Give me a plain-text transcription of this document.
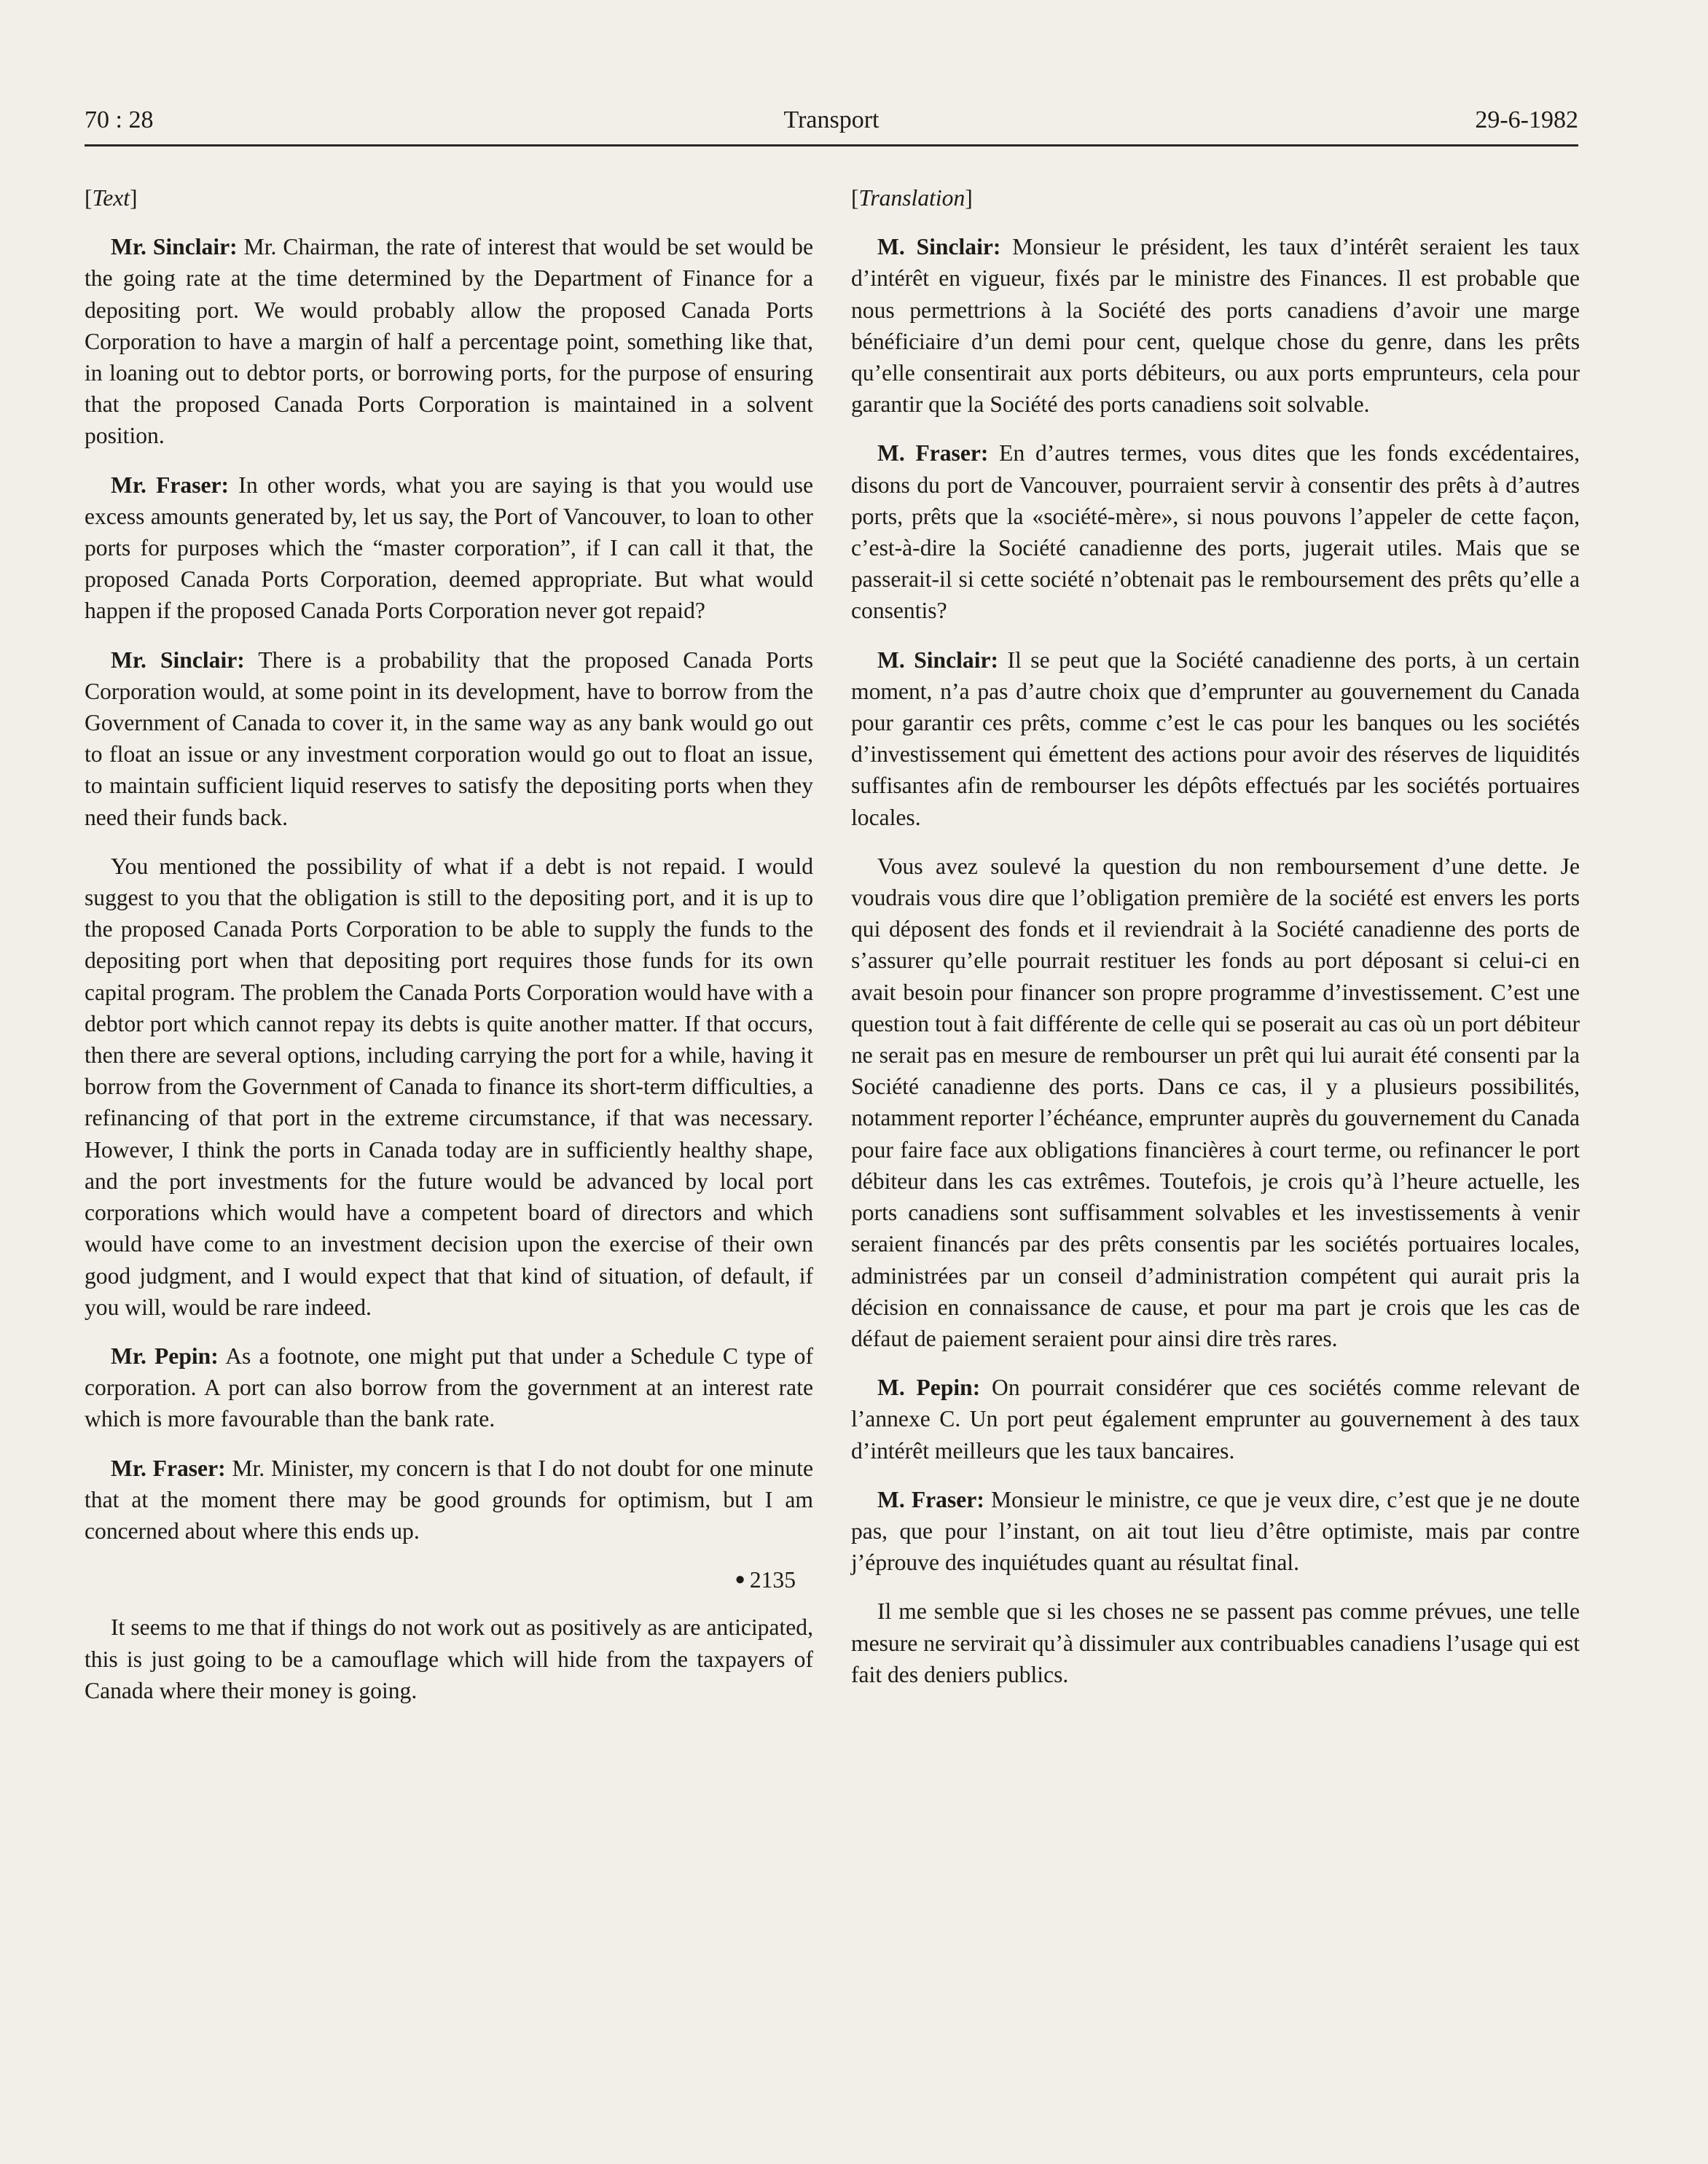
70 : 28	Transport	29-6-1982

[Text]

Mr. Sinclair: Mr. Chairman, the rate of interest that would be set would be the going rate at the time determined by the Department of Finance for a depositing port. We would probably allow the proposed Canada Ports Corporation to have a margin of half a percentage point, something like that, in loaning out to debtor ports, or borrowing ports, for the purpose of ensuring that the proposed Canada Ports Corporation is maintained in a solvent position.

Mr. Fraser: In other words, what you are saying is that you would use excess amounts generated by, let us say, the Port of Vancouver, to loan to other ports for purposes which the “master corporation”, if I can call it that, the proposed Canada Ports Corporation, deemed appropriate. But what would happen if the proposed Canada Ports Corporation never got repaid?

Mr. Sinclair: There is a probability that the proposed Canada Ports Corporation would, at some point in its development, have to borrow from the Government of Canada to cover it, in the same way as any bank would go out to float an issue or any investment corporation would go out to float an issue, to maintain sufficient liquid reserves to satisfy the depositing ports when they need their funds back.

You mentioned the possibility of what if a debt is not repaid. I would suggest to you that the obligation is still to the depositing port, and it is up to the proposed Canada Ports Corporation to be able to supply the funds to the depositing port when that depositing port requires those funds for its own capital program. The problem the Canada Ports Corporation would have with a debtor port which cannot repay its debts is quite another matter. If that occurs, then there are several options, including carrying the port for a while, having it borrow from the Government of Canada to finance its short-term difficulties, a refinancing of that port in the extreme circumstance, if that was necessary. However, I think the ports in Canada today are in sufficiently healthy shape, and the port investments for the future would be advanced by local port corporations which would have a competent board of directors and which would have come to an investment decision upon the exercise of their own good judgment, and I would expect that that kind of situation, of default, if you will, would be rare indeed.

Mr. Pepin: As a footnote, one might put that under a Schedule C type of corporation. A port can also borrow from the government at an interest rate which is more favourable than the bank rate.

Mr. Fraser: Mr. Minister, my concern is that I do not doubt for one minute that at the moment there may be good grounds for optimism, but I am concerned about where this ends up.

● 2135

It seems to me that if things do not work out as positively as are anticipated, this is just going to be a camouflage which will hide from the taxpayers of Canada where their money is going.

[Translation]

M. Sinclair: Monsieur le président, les taux d’intérêt seraient les taux d’intérêt en vigueur, fixés par le ministre des Finances. Il est probable que nous permettrions à la Société des ports canadiens d’avoir une marge bénéficiaire d’un demi pour cent, quelque chose du genre, dans les prêts qu’elle consentirait aux ports débiteurs, ou aux ports emprunteurs, cela pour garantir que la Société des ports canadiens soit solvable.

M. Fraser: En d’autres termes, vous dites que les fonds excédentaires, disons du port de Vancouver, pourraient servir à consentir des prêts à d’autres ports, prêts que la «société-mère», si nous pouvons l’appeler de cette façon, c’est-à-dire la Société canadienne des ports, jugerait utiles. Mais que se passerait-il si cette société n’obtenait pas le remboursement des prêts qu’elle a consentis?

M. Sinclair: Il se peut que la Société canadienne des ports, à un certain moment, n’a pas d’autre choix que d’emprunter au gouvernement du Canada pour garantir ces prêts, comme c’est le cas pour les banques ou les sociétés d’investissement qui émettent des actions pour avoir des réserves de liquidités suffisantes afin de rembourser les dépôts effectués par les sociétés portuaires locales.

Vous avez soulevé la question du non remboursement d’une dette. Je voudrais vous dire que l’obligation première de la société est envers les ports qui déposent des fonds et il reviendrait à la Société canadienne des ports de s’assurer qu’elle pourrait restituer les fonds au port déposant si celui-ci en avait besoin pour financer son propre programme d’investissement. C’est une question tout à fait différente de celle qui se poserait au cas où un port débiteur ne serait pas en mesure de rembourser un prêt qui lui aurait été consenti par la Société canadienne des ports. Dans ce cas, il y a plusieurs possibilités, notamment reporter l’échéance, emprunter auprès du gouvernement du Canada pour faire face aux obligations financières à court terme, ou refinancer le port débiteur dans les cas extrêmes. Toutefois, je crois qu’à l’heure actuelle, les ports canadiens sont suffisamment solvables et les investissements à venir seraient financés par des prêts consentis par les sociétés portuaires locales, administrées par un conseil d’administration compétent qui aurait pris la décision en connaissance de cause, et pour ma part je crois que les cas de défaut de paiement seraient pour ainsi dire très rares.

M. Pepin: On pourrait considérer que ces sociétés comme relevant de l’annexe C. Un port peut également emprunter au gouvernement à des taux d’intérêt meilleurs que les taux bancaires.

M. Fraser: Monsieur le ministre, ce que je veux dire, c’est que je ne doute pas, que pour l’instant, on ait tout lieu d’être optimiste, mais par contre j’éprouve des inquiétudes quant au résultat final.

Il me semble que si les choses ne se passent pas comme prévues, une telle mesure ne servirait qu’à dissimuler aux contribuables canadiens l’usage qui est fait des deniers publics.
